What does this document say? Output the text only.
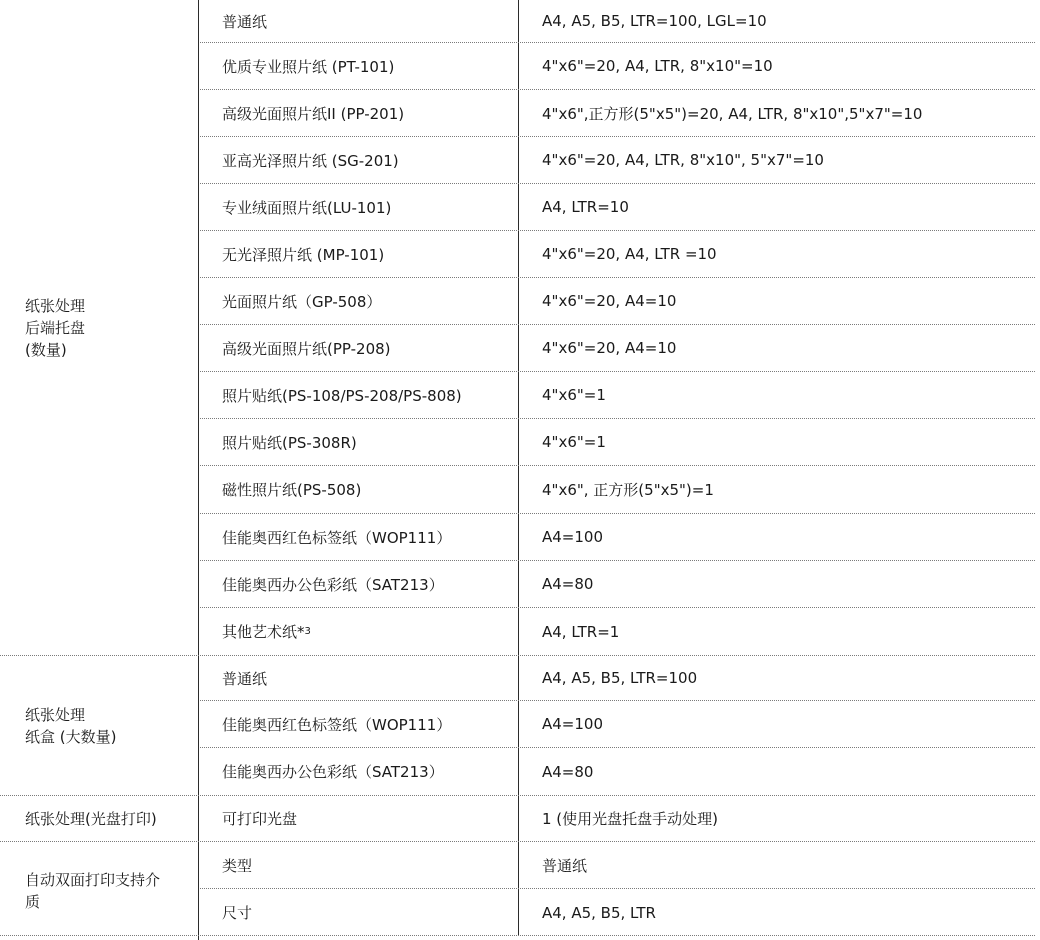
纸张处理
后端托盘
(数量)
普通纸	A4, A5, B5, LTR=100, LGL=10
优质专业照片纸 (PT-101)	4"x6"=20, A4, LTR, 8"x10"=10
高级光面照片纸II (PP-201)	4"x6",正方形(5"x5")=20, A4, LTR, 8"x10",5"x7"=10
亚高光泽照片纸 (SG-201)	4"x6"=20, A4, LTR, 8"x10", 5"x7"=10
专业绒面照片纸(LU-101)	A4, LTR=10
无光泽照片纸 (MP-101)	4"x6"=20, A4, LTR =10
光面照片纸（GP-508）	4"x6"=20, A4=10
高级光面照片纸(PP-208)	4"x6"=20, A4=10
照片贴纸(PS-108/PS-208/PS-808)	4"x6"=1
照片贴纸(PS-308R)	4"x6"=1
磁性照片纸(PS-508)	4"x6", 正方形(5"x5")=1
佳能奥西红色标签纸（WOP111）	A4=100
佳能奥西办公色彩纸（SAT213）	A4=80
其他艺术纸* 3	A4, LTR=1
纸张处理
纸盒 (大数量)
普通纸	A4, A5, B5, LTR=100
佳能奥西红色标签纸（WOP111）	A4=100
佳能奥西办公色彩纸（SAT213）	A4=80
纸张处理(光盘打印)	可打印光盘	1 (使用光盘托盘手动处理)
自动双面打印支持介
质
类型	普通纸
尺寸	A4, A5, B5, LTR
